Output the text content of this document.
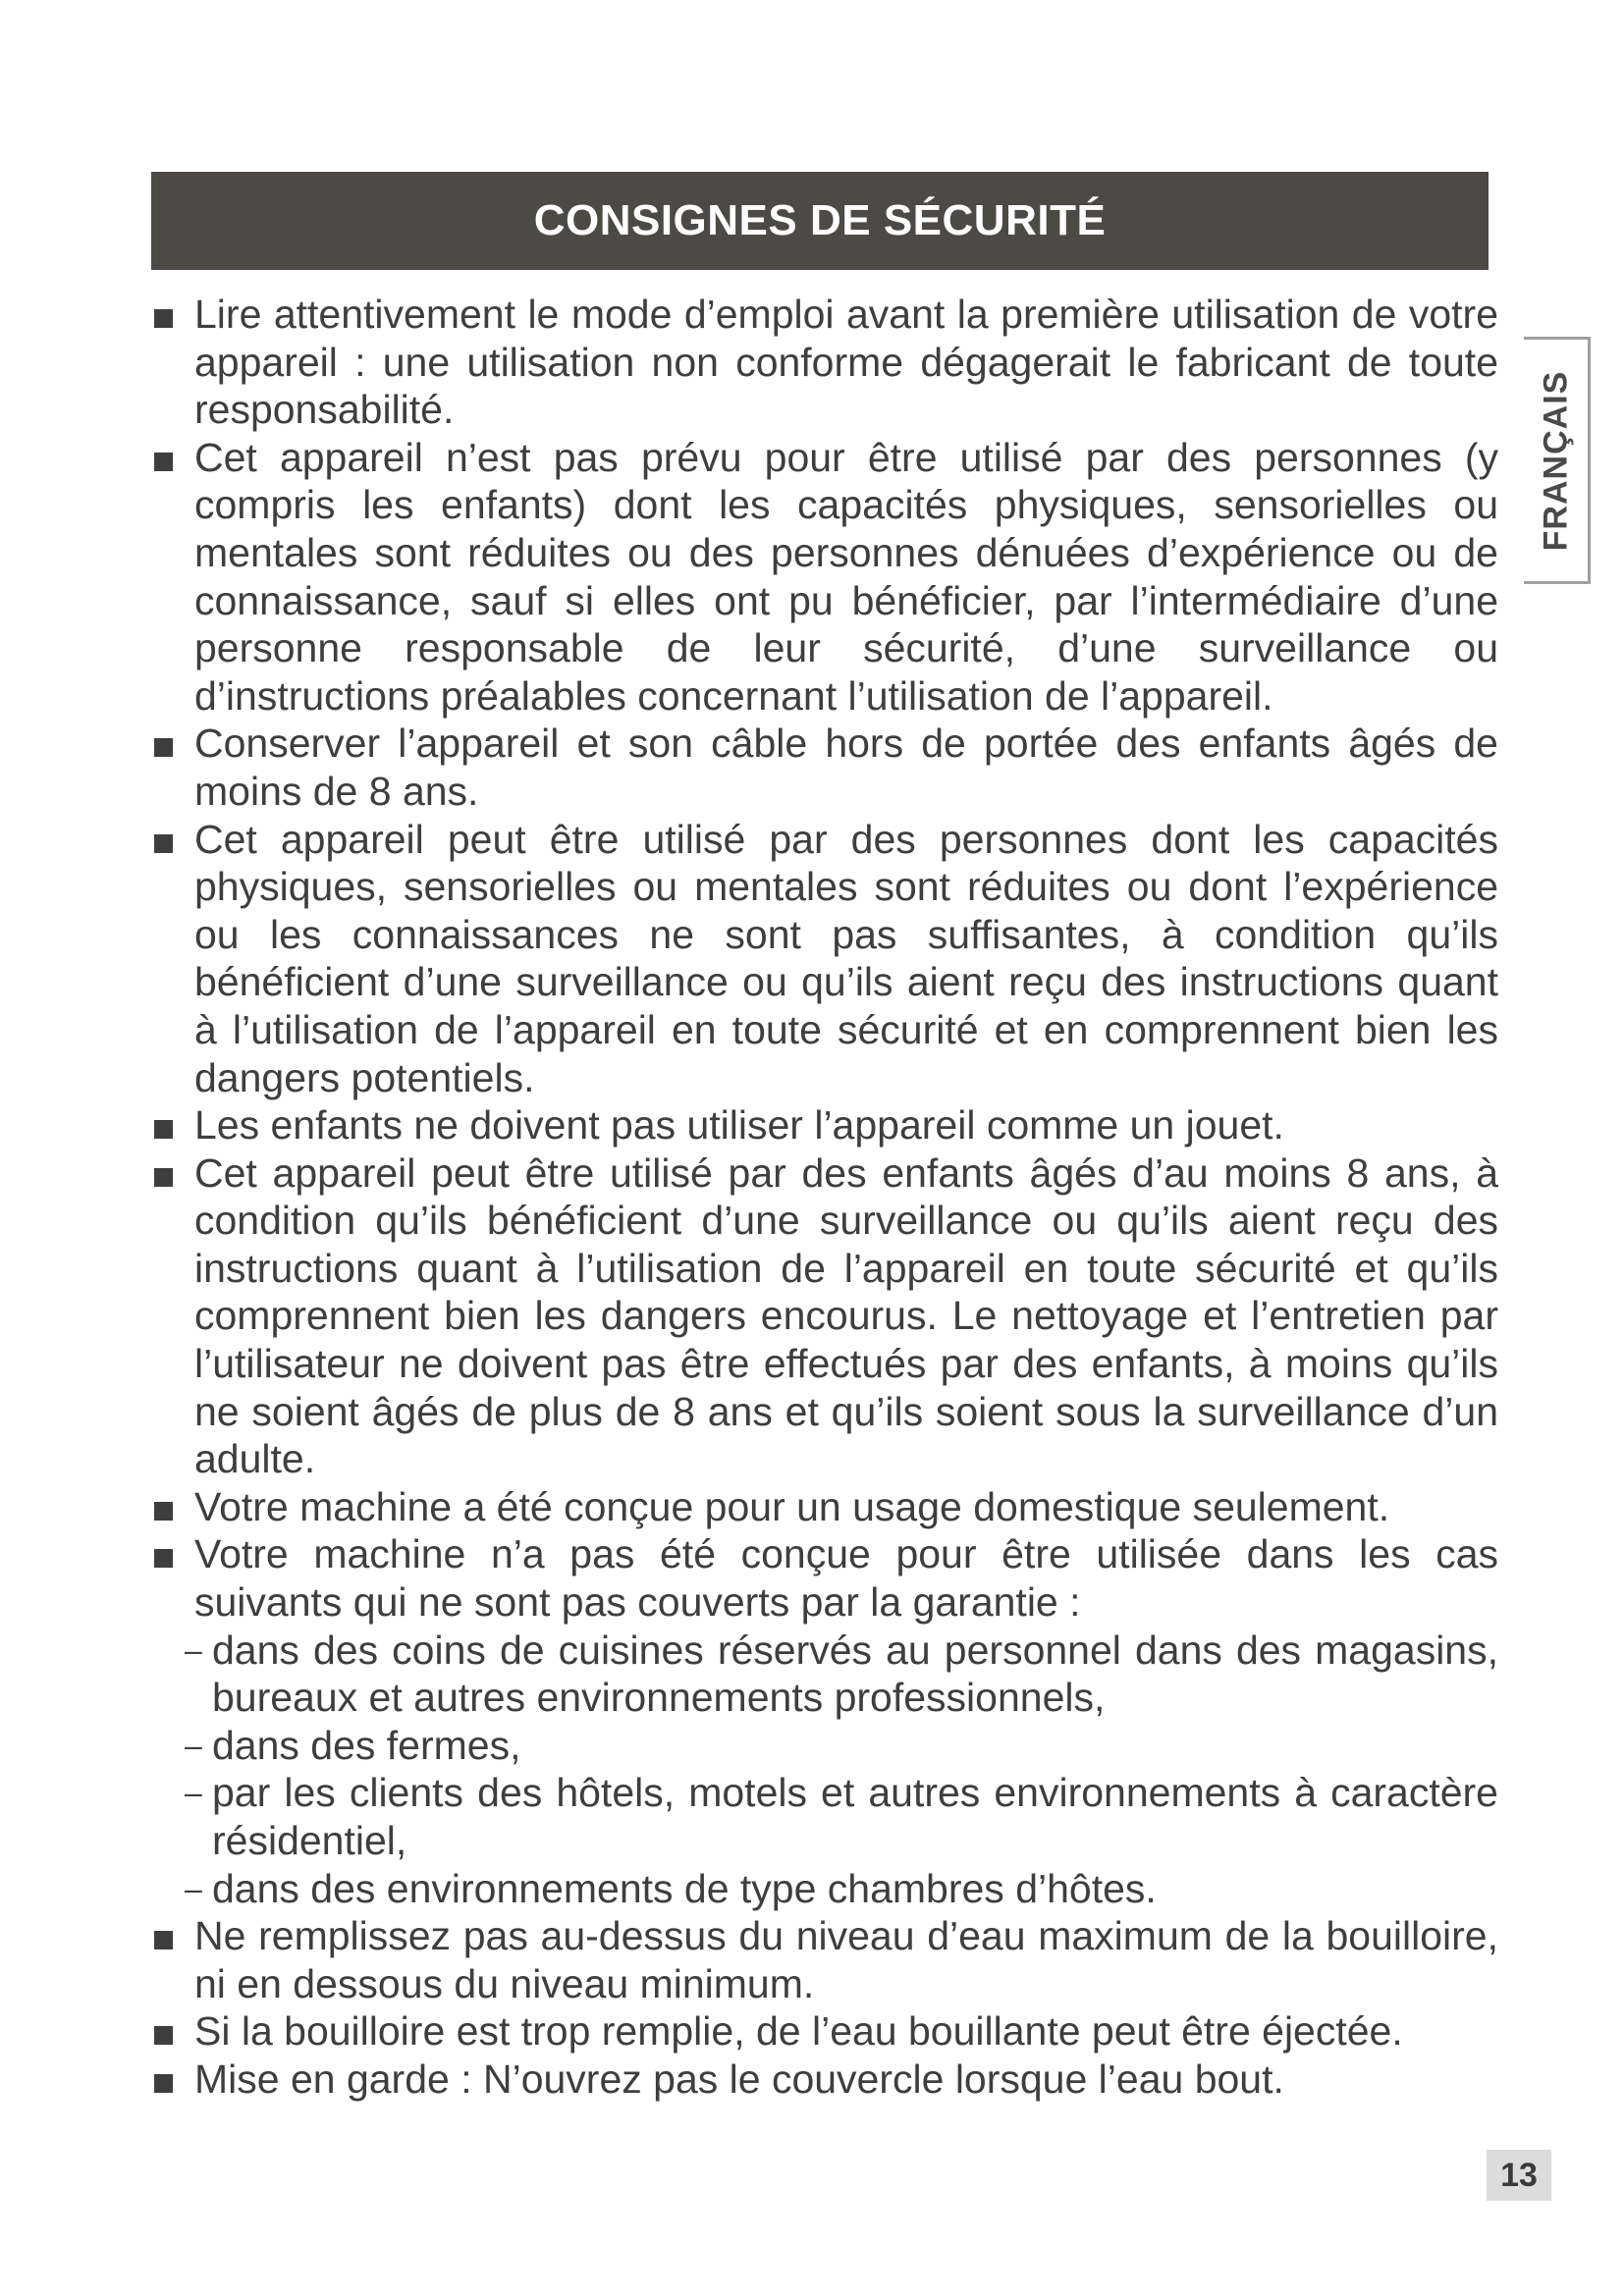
CONSIGNES DE SÉCURITÉ
FRANÇAIS
Lire attentivement le mode d’emploi avant la première utilisation de votre appareil : une utilisation non conforme dégagerait le fabricant de toute responsabilité.
Cet appareil n’est pas prévu pour être utilisé par des personnes (y compris les enfants) dont les capacités physiques, sensorielles ou mentales sont réduites ou des personnes dénuées d’expérience ou de connaissance, sauf si elles ont pu bénéficier, par l’intermédiaire d’une personne responsable de leur sécurité, d’une surveillance ou d’instructions préalables concernant l’utilisation de l’appareil.
Conserver l’appareil et son câble hors de portée des enfants âgés de moins de 8 ans.
Cet appareil peut être utilisé par des personnes dont les capacités physiques, sensorielles ou mentales sont réduites ou dont l’expérience ou les connaissances ne sont pas suffisantes, à condition qu’ils bénéficient d’une surveillance ou qu’ils aient reçu des instructions quant à l’utilisation de l’appareil en toute sécurité et en comprennent bien les dangers potentiels.
Les enfants ne doivent pas utiliser l’appareil comme un jouet.
Cet appareil peut être utilisé par des enfants âgés d’au moins 8 ans, à condition qu’ils bénéficient d’une surveillance ou qu’ils aient reçu des instructions quant à l’utilisation de l’appareil en toute sécurité et qu’ils comprennent bien les dangers encourus. Le nettoyage et l’entretien par l’utilisateur ne doivent pas être effectués par des enfants, à moins qu’ils ne soient âgés de plus de 8 ans et qu’ils soient sous la surveillance d’un adulte.
Votre machine a été conçue pour un usage domestique seulement.
Votre machine n’a pas été conçue pour être utilisée dans les cas suivants qui ne sont pas couverts par la garantie :
– dans des coins de cuisines réservés au personnel dans des magasins, bureaux et autres environnements professionnels,
– dans des fermes,
– par les clients des hôtels, motels et autres environnements à caractère résidentiel,
– dans des environnements de type chambres d’hôtes.
Ne remplissez pas au-dessus du niveau d’eau maximum de la bouilloire, ni en dessous du niveau minimum.
Si la bouilloire est trop remplie, de l’eau bouillante peut être éjectée.
Mise en garde : N’ouvrez pas le couvercle lorsque l’eau bout.
13
